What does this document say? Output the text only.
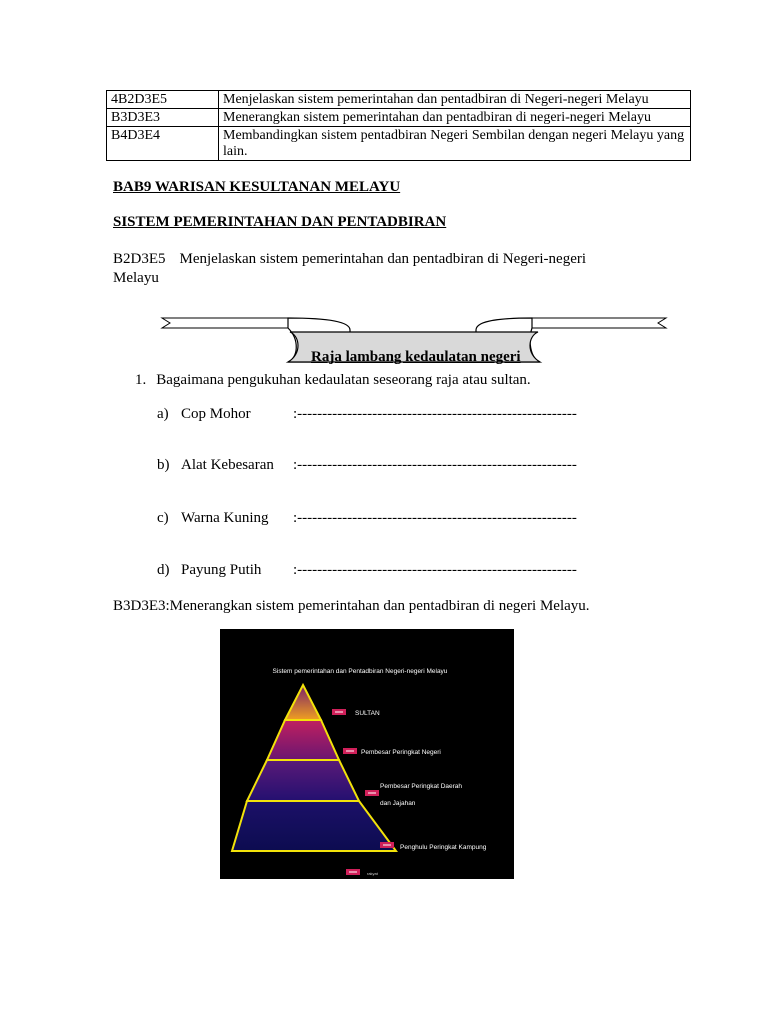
4B2D3E5	Menjelaskan sistem pemerintahan dan pentadbiran di Negeri-negeri Melayu
B3D3E3	Menerangkan sistem pemerintahan dan pentadbiran di negeri-negeri Melayu
B4D3E4	Membandingkan sistem pentadbiran Negeri Sembilan dengan negeri Melayu yang lain.
BAB9 WARISAN KESULTANAN MELAYU
SISTEM PEMERINTAHAN DAN PENTADBIRAN
B2D3E5 Menjelaskan sistem pemerintahan dan pentadbiran di Negeri-negeri
Melayu
Raja lambang kedaulatan negeri
1. Bagaimana pengukuhan kedaulatan seseorang raja atau sultan.
a) Cop Mohor	:--------------------------------------------------------
b) Alat Kebesaran :--------------------------------------------------------
c) Warna Kuning :--------------------------------------------------------
d) Payung Putih :--------------------------------------------------------
B3D3E3:Menerangkan sistem pemerintahan dan pentadbiran di negeri Melayu.
Sistem pemerintahan dan Pentadbiran Negeri-negeri Melayu
SULTAN
Pembesar Peringkat Negeri
Pembesar Peringkat Daerah
dan Jajahan
Penghulu Peringkat Kampung
rakyat
